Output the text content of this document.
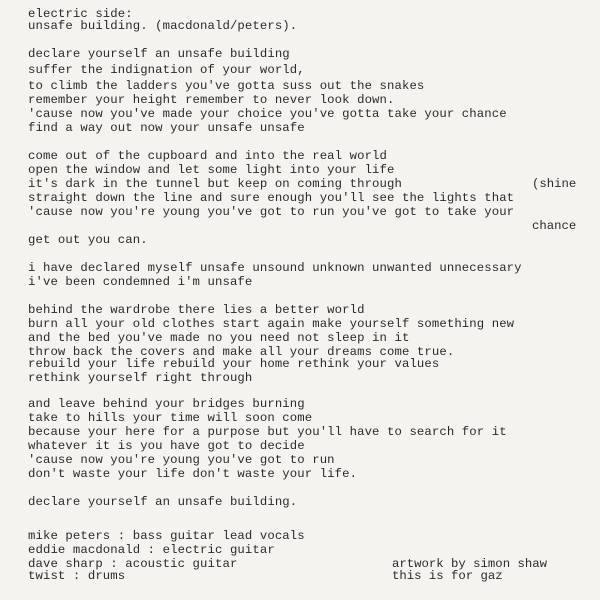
electric side:
unsafe building. (macdonald/peters).
declare yourself an unsafe building
suffer the indignation of your world,
to climb the ladders you've gotta suss out the snakes
remember your height remember to never look down.
'cause now you've made your choice you've gotta take your chance
find a way out now your unsafe unsafe
come out of the cupboard and into the real world
open the window and let some light into your life
it's dark in the tunnel but keep on coming through	(shine
straight down the line and sure enough you'll see the lights that
'cause now you're young you've got to run you've got to take your
chance
get out you can.
i have declared myself unsafe unsound unknown unwanted unnecessary
i've been condemned i'm unsafe
behind the wardrobe there lies a better world
burn all your old clothes start again make yourself something new
and the bed you've made no you need not sleep in it
throw back the covers and make all your dreams come true.
rebuild your life rebuild your home rethink your values
rethink yourself right through
and leave behind your bridges burning
take to hills your time will soon come
because your here for a purpose but you'll have to search for it
whatever it is you have got to decide
'cause now you're young you've got to run
don't waste your life don't waste your life.
declare yourself an unsafe building.
mike peters : bass guitar lead vocals
eddie macdonald : electric guitar
dave sharp : acoustic guitar
twist : drums
artwork by simon shaw
this is for gaz
